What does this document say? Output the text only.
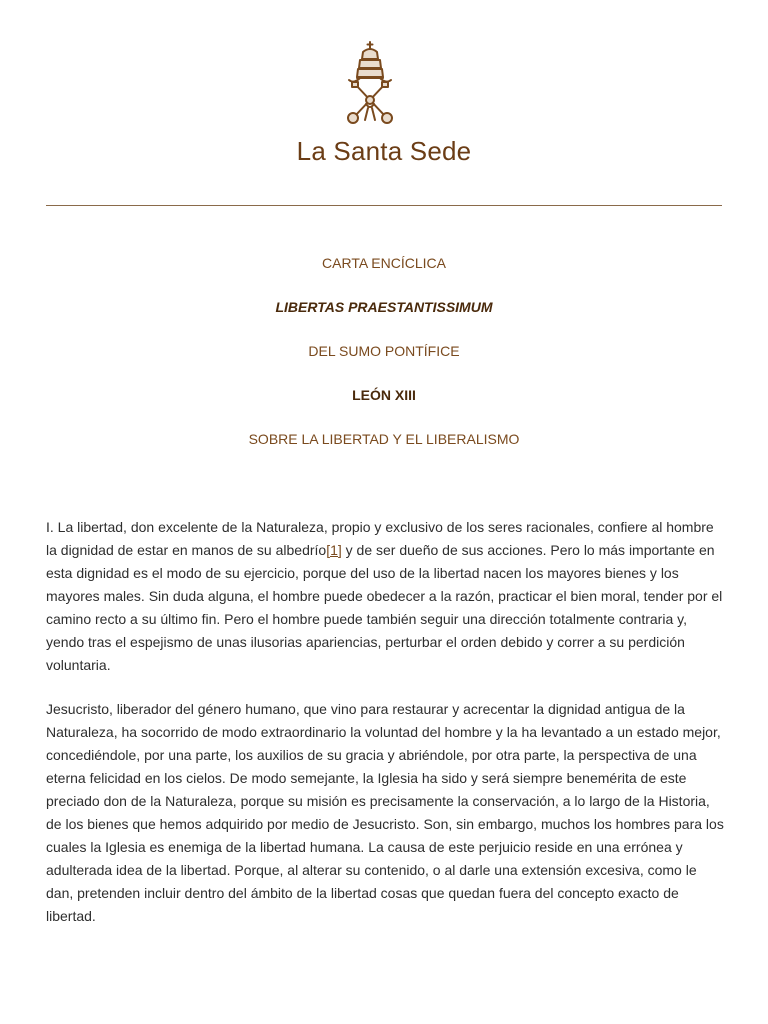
La Santa Sede
CARTA ENCÍCLICA
LIBERTAS PRAESTANTISSIMUM
DEL SUMO PONTÍFICE
LEÓN XIII
SOBRE LA LIBERTAD Y EL LIBERALISMO

I. La libertad, don excelente de la Naturaleza, propio y exclusivo de los seres racionales, confiere al hombre la dignidad de estar en manos de su albedrío[1] y de ser dueño de sus acciones. Pero lo más importante en esta dignidad es el modo de su ejercicio, porque del uso de la libertad nacen los mayores bienes y los mayores males. Sin duda alguna, el hombre puede obedecer a la razón, practicar el bien moral, tender por el camino recto a su último fin. Pero el hombre puede también seguir una dirección totalmente contraria y, yendo tras el espejismo de unas ilusorias apariencias, perturbar el orden debido y correr a su perdición voluntaria.

Jesucristo, liberador del género humano, que vino para restaurar y acrecentar la dignidad antigua de la Naturaleza, ha socorrido de modo extraordinario la voluntad del hombre y la ha levantado a un estado mejor, concediéndole, por una parte, los auxilios de su gracia y abriéndole, por otra parte, la perspectiva de una eterna felicidad en los cielos. De modo semejante, la Iglesia ha sido y será siempre benemérita de este preciado don de la Naturaleza, porque su misión es precisamente la conservación, a lo largo de la Historia, de los bienes que hemos adquirido por medio de Jesucristo. Son, sin embargo, muchos los hombres para los cuales la Iglesia es enemiga de la libertad humana. La causa de este perjuicio reside en una errónea y adulterada idea de la libertad. Porque, al alterar su contenido, o al darle una extensión excesiva, como le dan, pretenden incluir dentro del ámbito de la libertad cosas que quedan fuera del concepto exacto de libertad.
